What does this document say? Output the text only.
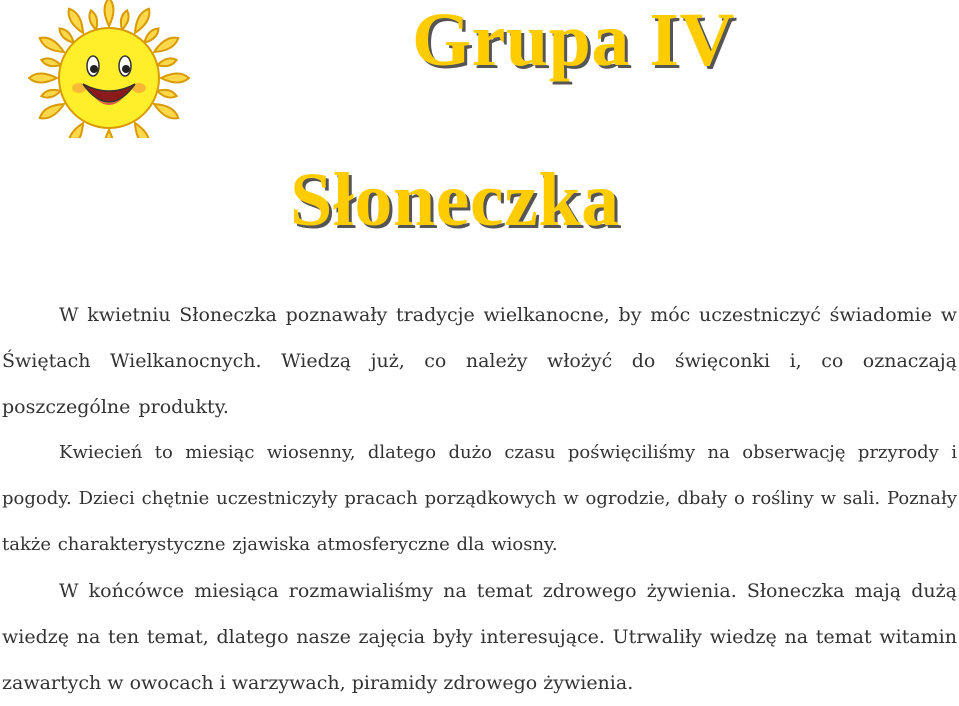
Grupa IV
Słoneczka

W kwietniu Słoneczka poznawały tradycje wielkanocne, by móc uczestniczyć świadomie w Świętach Wielkanocnych. Wiedzą już, co należy włożyć do święconki i, co oznaczają poszczególne produkty.

Kwiecień to miesiąc wiosenny, dlatego dużo czasu poświęciliśmy na obserwację przyrody i pogody. Dzieci chętnie uczestniczyły pracach porządkowych w ogrodzie, dbały o rośliny w sali. Poznały także charakterystyczne zjawiska atmosferyczne dla wiosny.

W końcówce miesiąca rozmawialiśmy na temat zdrowego żywienia. Słoneczka mają dużą wiedzę na ten temat, dlatego nasze zajęcia były interesujące. Utrwaliły wiedzę na temat witamin zawartych w owocach i warzywach, piramidy zdrowego żywienia.
